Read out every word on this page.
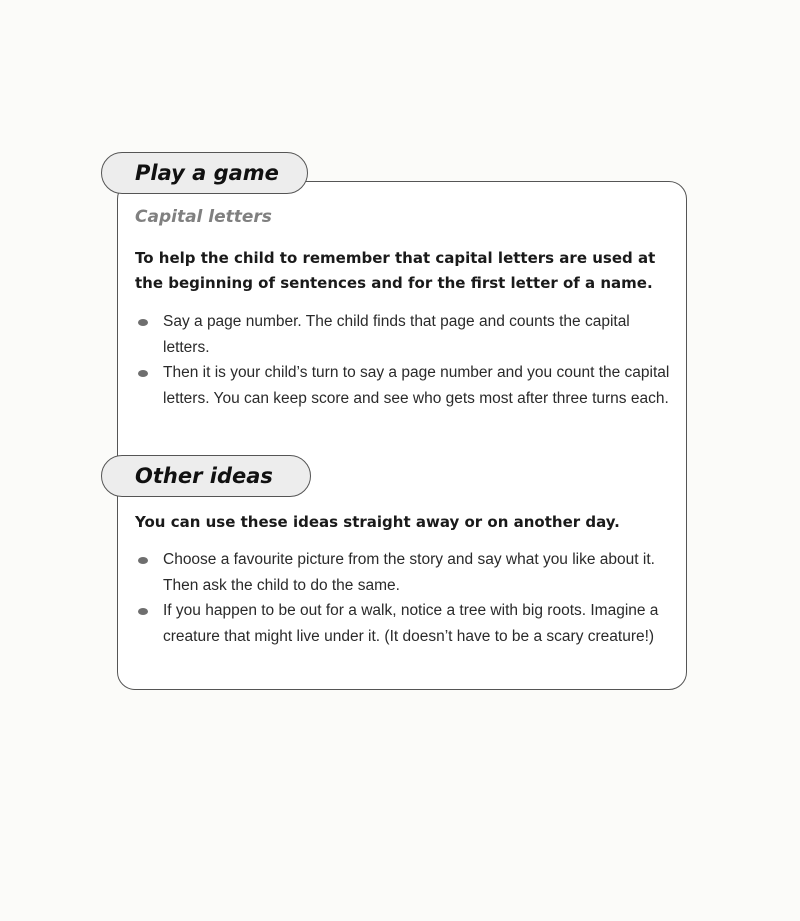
Play a game
Capital letters
To help the child to remember that capital letters are used at the beginning of sentences and for the first letter of a name.
Say a page number. The child finds that page and counts the capital letters.
Then it is your child’s turn to say a page number and you count the capital letters. You can keep score and see who gets most after three turns each.
Other ideas
You can use these ideas straight away or on another day.
Choose a favourite picture from the story and say what you like about it. Then ask the child to do the same.
If you happen to be out for a walk, notice a tree with big roots. Imagine a creature that might live under it. (It doesn’t have to be a scary creature!)
